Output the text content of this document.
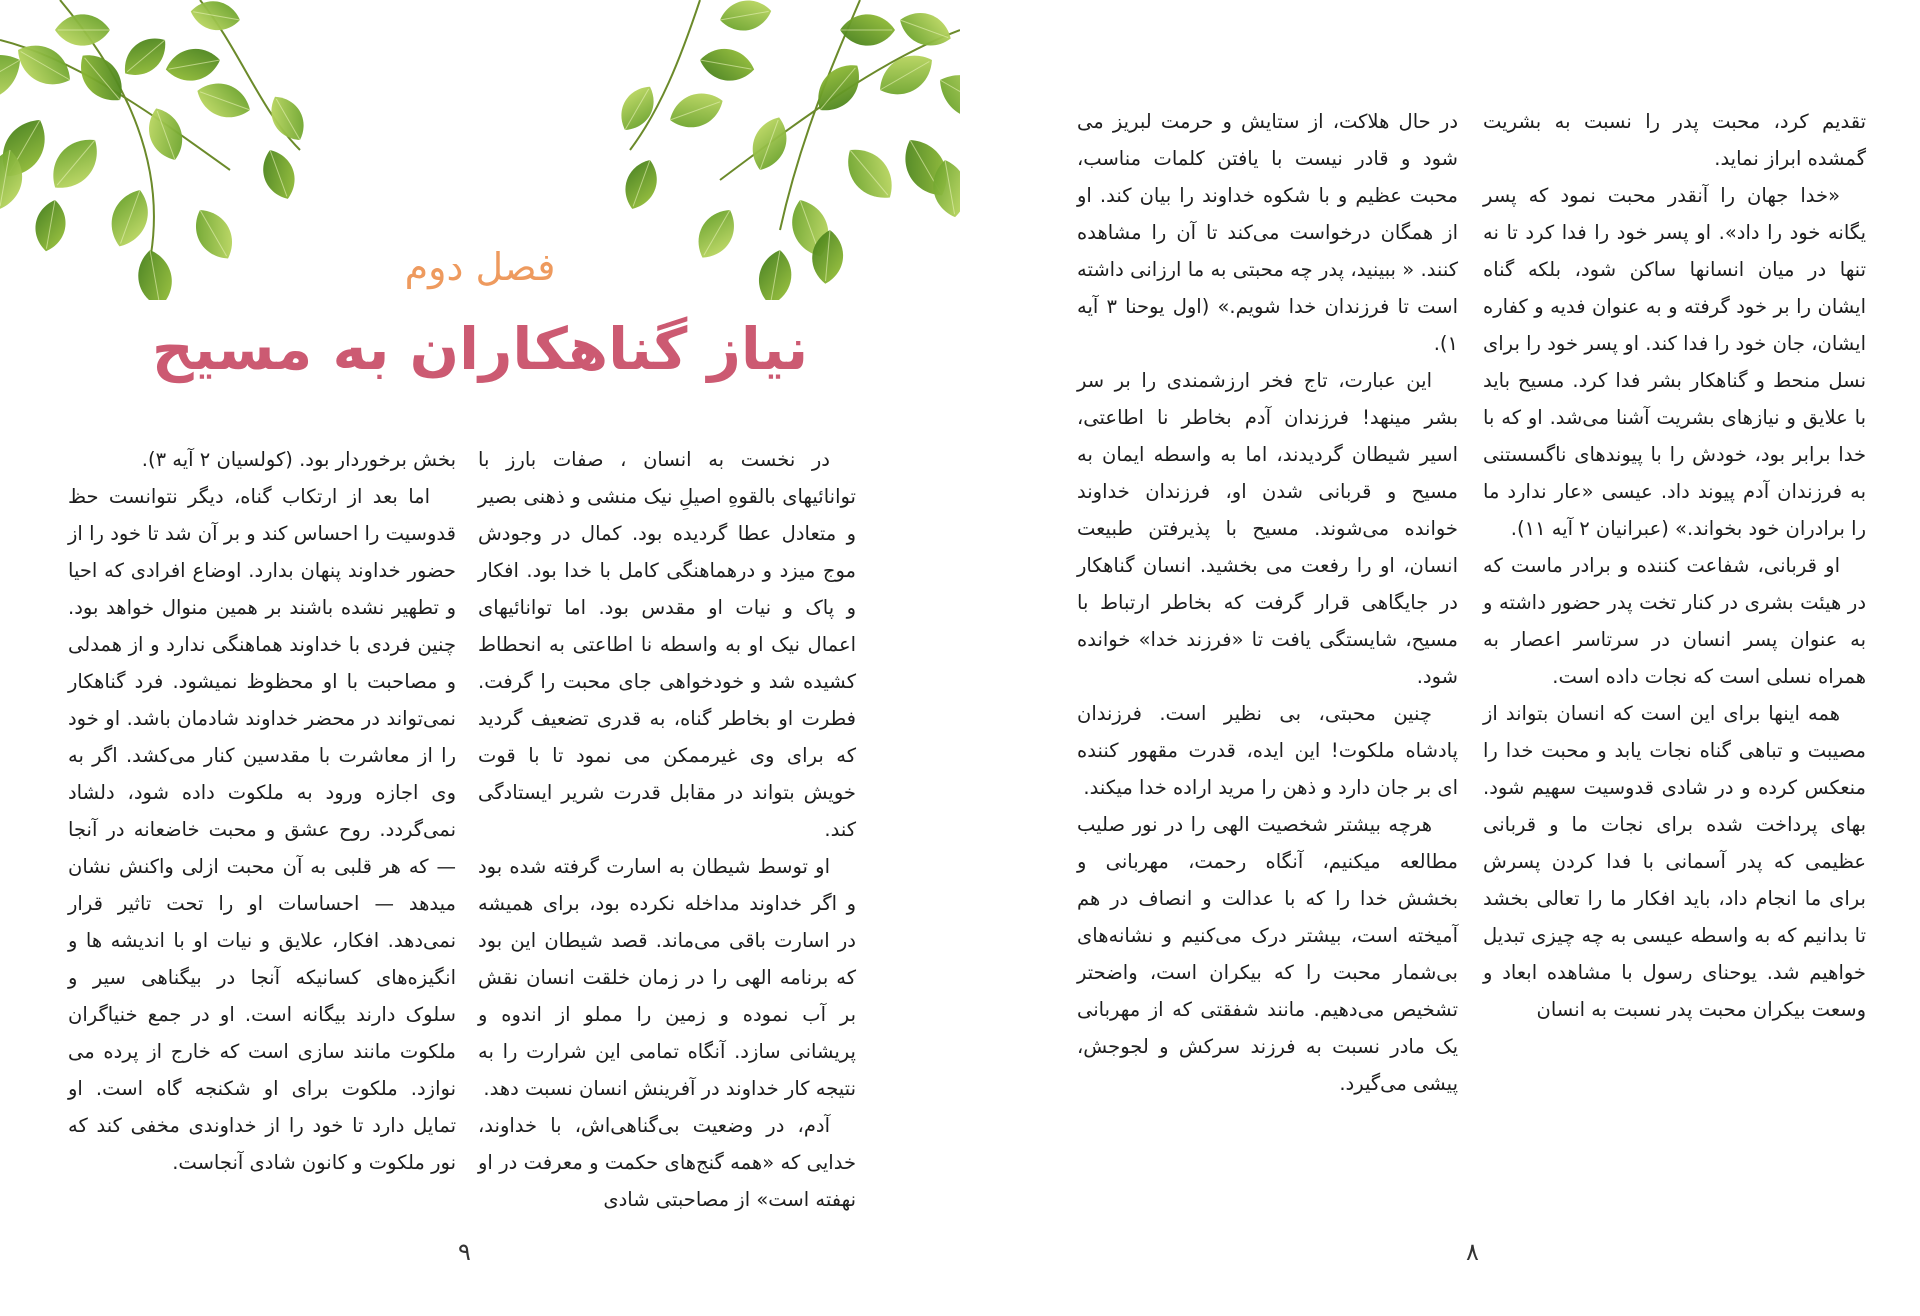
فصل دوم
نیاز گناهکاران به مسیح

در نخست به انسان ، صفات بارز با توانائیهای بالقوهِ اصیلِ نیک منشی و ذهنی بصیر و متعادل عطا گردیده بود. کمال در وجودش موج میزد و درهماهنگی کامل با خدا بود. افکار و پاک و نیات او مقدس بود. اما توانائیهای اعمال نیک او به واسطه نا اطاعتی به انحطاط کشیده شد و خودخواهی جای محبت را گرفت. فطرت او بخاطر گناه، به قدری تضعیف گردید که برای وی غیرممکن می نمود تا با قوت خویش بتواند در مقابل قدرت شریر ایستادگی کند.

او توسط شیطان به اسارت گرفته شده بود و اگر خداوند مداخله نکرده بود، برای همیشه در اسارت باقی می‌ماند. قصد شیطان این بود که برنامه الهی را در زمان خلقت انسان نقش بر آب نموده و زمین را مملو از اندوه و پریشانی سازد. آنگاه تمامی این شرارت را به نتیجه کار خداوند در آفرینش انسان نسبت دهد.

آدم، در وضعیت بی‌گناهی‌اش، با خداوند، خدایی که «همه گنج‌های حکمت و معرفت در او نهفته است» از مصاحبتی شادی

بخش برخوردار بود. (کولسیان ۲ آیه ۳).

اما بعد از ارتکاب گناه، دیگر نتوانست حظ قدوسیت را احساس کند و بر آن شد تا خود را از حضور خداوند پنهان بدارد. اوضاع افرادی که احیا و تطهیر نشده باشند بر همین منوال خواهد بود. چنین فردی با خداوند هماهنگی ندارد و از همدلی و مصاحبت با او محظوظ نمیشود. فرد گناهکار نمی‌تواند در محضر خداوند شادمان باشد. او خود را از معاشرت با مقدسین کنار می‌کشد. اگر به وی اجازه ورود به ملکوت داده شود، دلشاد نمی‌گردد. روح عشق و محبت خاضعانه در آنجا — که هر قلبی به آن محبت ازلی واکنش نشان میدهد — احساسات او را تحت تاثیر قرار نمی‌دهد. افکار، علایق و نیات او با اندیشه ها و انگیزه‌های کسانیکه آنجا در بیگناهی سیر و سلوک دارند بیگانه است. او در جمع خنیاگران ملکوت مانند سازی است که خارج از پرده می نوازد. ملکوت برای او شکنجه گاه است. او تمایل دارد تا خود را از خداوندی مخفی کند که نور ملکوت و کانون شادی آنجاست.

۹

تقدیم کرد، محبت پدر را نسبت به بشریت گمشده ابراز نماید.

«خدا جهان را آنقدر محبت نمود که پسر یگانه خود را داد». او پسر خود را فدا کرد تا نه تنها در میان انسانها ساکن شود، بلکه گناه ایشان را بر خود گرفته و به عنوان فدیه و کفاره ایشان، جان خود را فدا کند. او پسر خود را برای نسل منحط و گناهکار بشر فدا کرد. مسیح باید با علایق و نیازهای بشریت آشنا می‌شد. او که با خدا برابر بود، خودش را با پیوندهای ناگسستنی به فرزندان آدم پیوند داد. عیسی «عار ندارد ما را برادران خود بخواند.» (عبرانیان ۲ آیه ۱۱).

او قربانی، شفاعت کننده و برادر ماست که در هیئت بشری در کنار تخت پدر حضور داشته و به عنوان پسر انسان در سرتاسر اعصار به همراه نسلی است که نجات داده است.

همه اینها برای این است که انسان بتواند از مصیبت و تباهی گناه نجات یابد و محبت خدا را منعکس کرده و در شادی قدوسیت سهیم شود. بهای پرداخت شده برای نجات ما و قربانی عظیمی که پدر آسمانی با فدا کردن پسرش برای ما انجام داد، باید افکار ما را تعالی بخشد تا بدانیم که به واسطه عیسی به چه چیزی تبدیل خواهیم شد. یوحنای رسول با مشاهده ابعاد و وسعت بیکران محبت پدر نسبت به انسان

در حال هلاکت، از ستایش و حرمت لبریز می شود و قادر نیست با یافتن کلمات مناسب، محبت عظیم و با شکوه خداوند را بیان کند. او از همگان درخواست می‌کند تا آن را مشاهده کنند. « ببینید، پدر چه محبتی به ما ارزانی داشته است تا فرزندان خدا شویم.» (اول یوحنا ۳ آیه ۱).

این عبارت، تاج فخر ارزشمندی را بر سر بشر مینهد! فرزندان آدم بخاطر نا اطاعتی، اسیر شیطان گردیدند، اما به واسطه ایمان به مسیح و قربانی شدن او، فرزندان خداوند خوانده می‌شوند. مسیح با پذیرفتن طبیعت انسان، او را رفعت می بخشید. انسان گناهکار در جایگاهی قرار گرفت که بخاطر ارتباط با مسیح، شایستگی یافت تا «فرزند خدا» خوانده شود.

چنین محبتی، بی نظیر است. فرزندان پادشاه ملکوت! این ایده، قدرت مقهور کننده ای بر جان دارد و ذهن را مرید اراده خدا میکند.

هرچه بیشتر شخصیت الهی را در نور صلیب مطالعه میکنیم، آنگاه رحمت، مهربانی و بخشش خدا را که با عدالت و انصاف در هم آمیخته است، بیشتر درک می‌کنیم و نشانه‌های بی‌شمار محبت را که بیکران است، واضحتر تشخیص می‌دهیم. مانند شفقتی که از مهربانی یک مادر نسبت به فرزند سرکش و لجوجش، پیشی می‌گیرد.

۸
